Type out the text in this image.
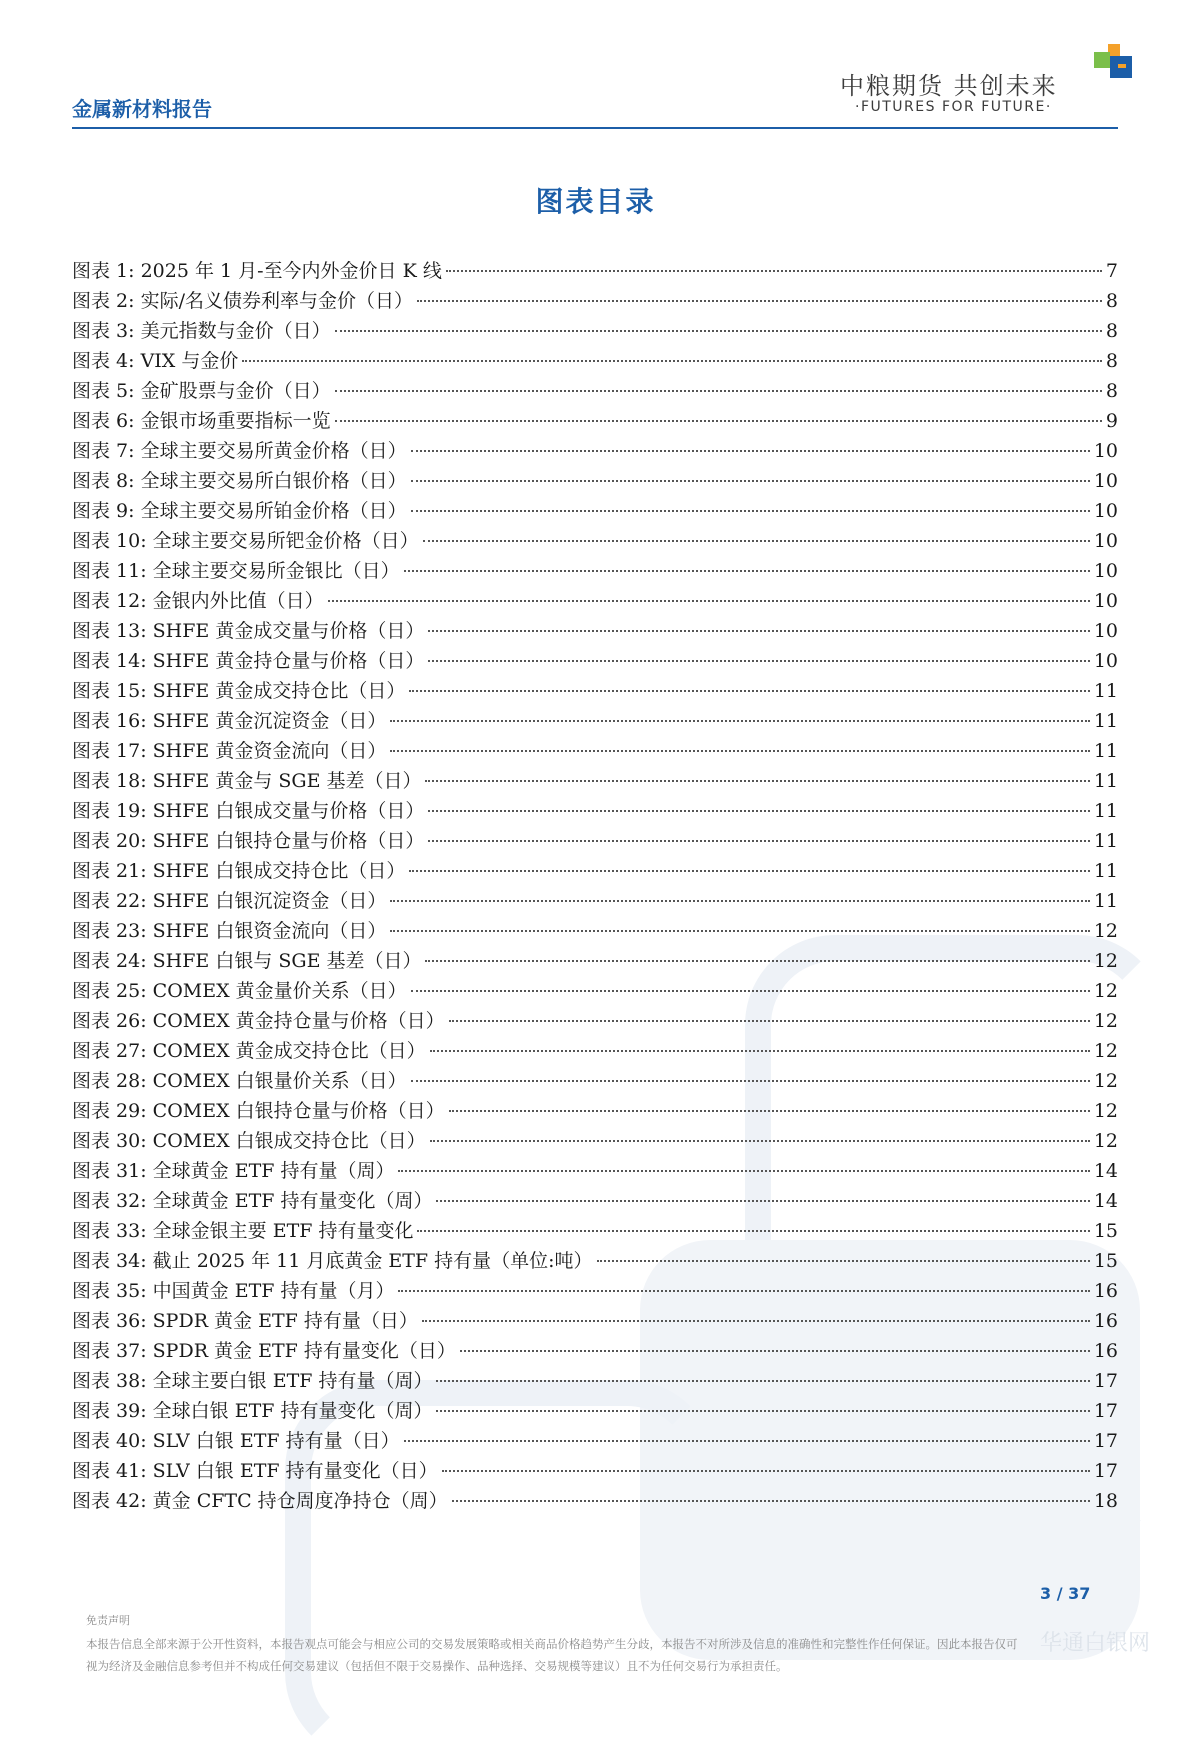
金属新材料报告
中粮期货 共创未来
·FUTURES FOR FUTURE·
图表目录
图表 1: 2025 年 1 月-至今内外金价日 K 线	7
图表 2: 实际/名义债券利率与金价（日）	8
图表 3: 美元指数与金价（日）	8
图表 4: VIX 与金价	8
图表 5: 金矿股票与金价（日）	8
图表 6: 金银市场重要指标一览	9
图表 7: 全球主要交易所黄金价格（日）	10
图表 8: 全球主要交易所白银价格（日）	10
图表 9: 全球主要交易所铂金价格（日）	10
图表 10: 全球主要交易所钯金价格（日）	10
图表 11: 全球主要交易所金银比（日）	10
图表 12: 金银内外比值（日）	10
图表 13: SHFE 黄金成交量与价格（日）	10
图表 14: SHFE 黄金持仓量与价格（日）	10
图表 15: SHFE 黄金成交持仓比（日）	11
图表 16: SHFE 黄金沉淀资金（日）	11
图表 17: SHFE 黄金资金流向（日）	11
图表 18: SHFE 黄金与 SGE 基差（日）	11
图表 19: SHFE 白银成交量与价格（日）	11
图表 20: SHFE 白银持仓量与价格（日）	11
图表 21: SHFE 白银成交持仓比（日）	11
图表 22: SHFE 白银沉淀资金（日）	11
图表 23: SHFE 白银资金流向（日）	12
图表 24: SHFE 白银与 SGE 基差（日）	12
图表 25: COMEX 黄金量价关系（日）	12
图表 26: COMEX 黄金持仓量与价格（日）	12
图表 27: COMEX 黄金成交持仓比（日）	12
图表 28: COMEX 白银量价关系（日）	12
图表 29: COMEX 白银持仓量与价格（日）	12
图表 30: COMEX 白银成交持仓比（日）	12
图表 31: 全球黄金 ETF 持有量（周）	14
图表 32: 全球黄金 ETF 持有量变化（周）	14
图表 33: 全球金银主要 ETF 持有量变化	15
图表 34: 截止 2025 年 11 月底黄金 ETF 持有量（单位:吨）	15
图表 35: 中国黄金 ETF 持有量（月）	16
图表 36: SPDR 黄金 ETF 持有量（日）	16
图表 37: SPDR 黄金 ETF 持有量变化（日）	16
图表 38: 全球主要白银 ETF 持有量（周）	17
图表 39: 全球白银 ETF 持有量变化（周）	17
图表 40: SLV 白银 ETF 持有量（日）	17
图表 41: SLV 白银 ETF 持有量变化（日）	17
图表 42: 黄金 CFTC 持仓周度净持仓（周）	18
3 / 37
免责声明
本报告信息全部来源于公开性资料，本报告观点可能会与相应公司的交易发展策略或相关商品价格趋势产生分歧，本报告不对所涉及信息的准确性和完整性作任何保证。因此本报告仅可视为经济及金融信息参考但并不构成任何交易建议（包括但不限于交易操作、品种选择、交易规模等建议）且不为任何交易行为承担责任。
华通白银网
